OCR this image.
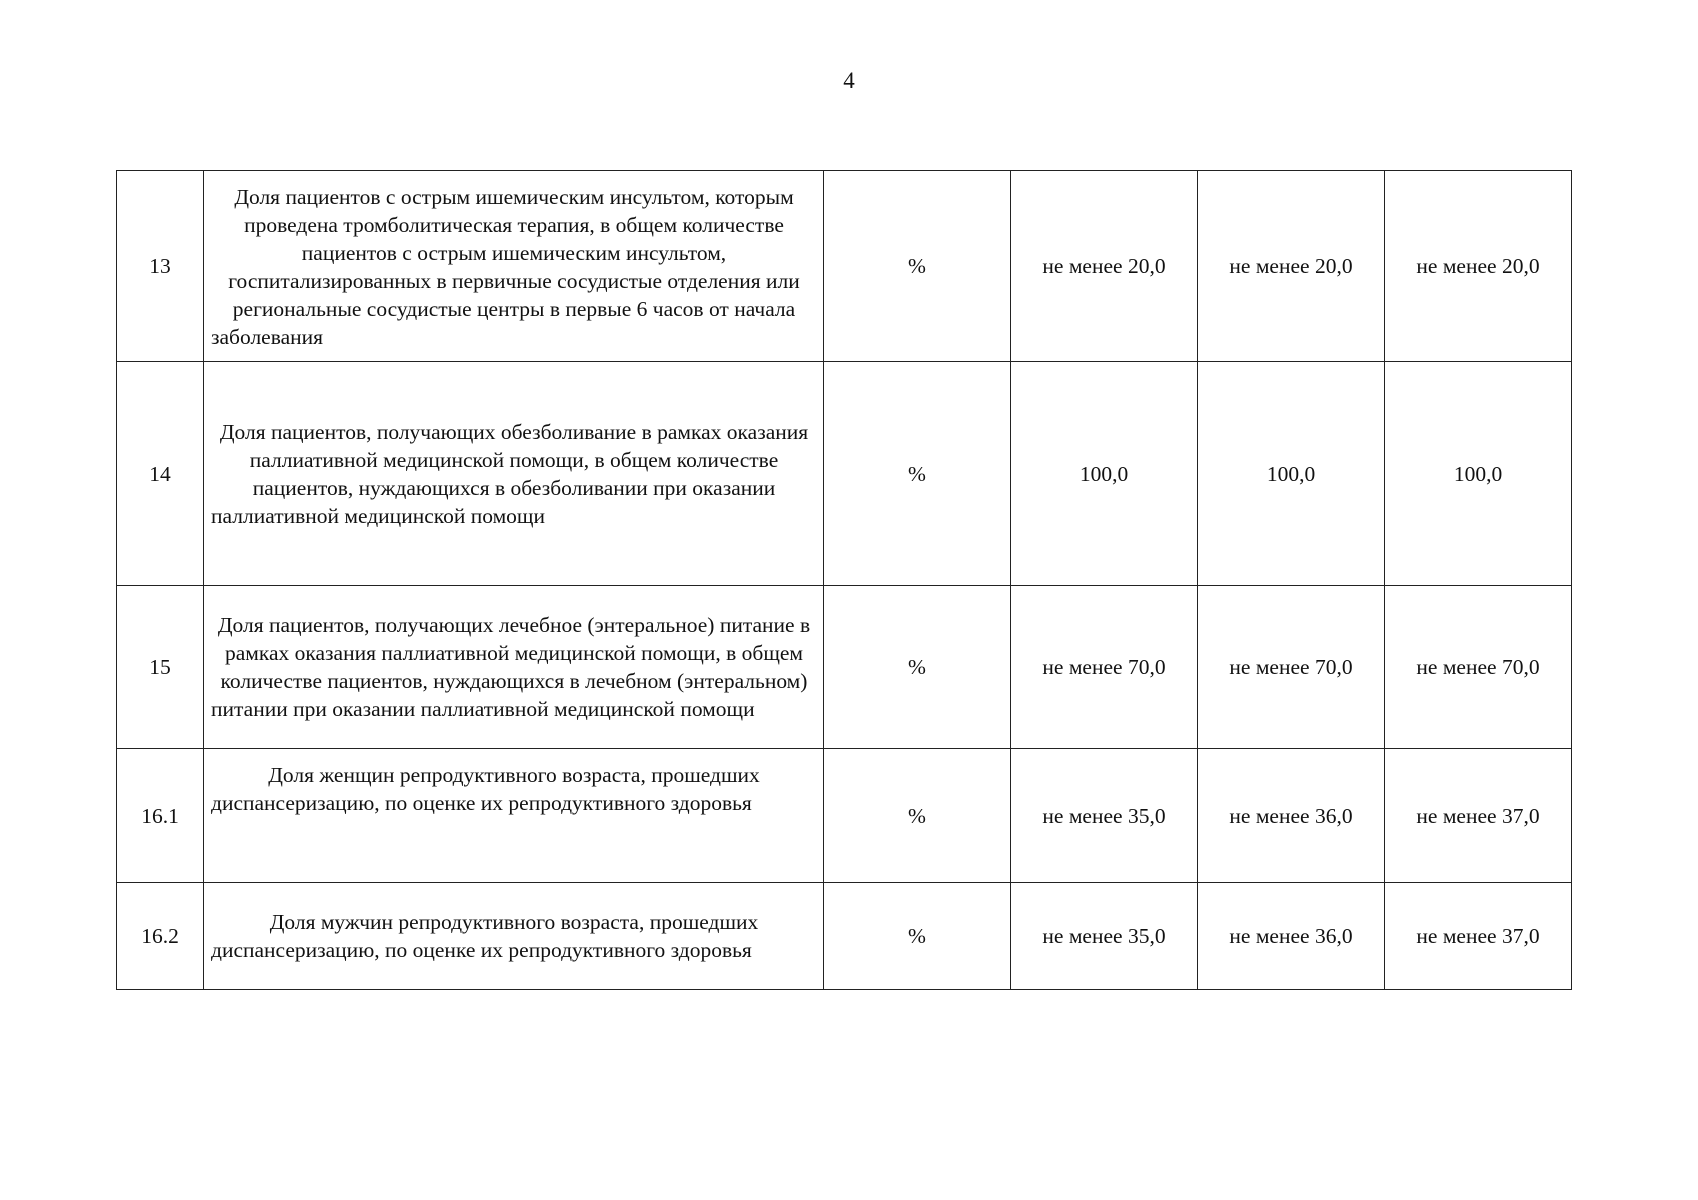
4
13	Доля пациентов с острым ишемическим инсультом, которым проведена тромболитическая терапия, в общем количестве пациентов с острым ишемическим инсультом, госпитализированных в первичные сосудистые отделения или региональные сосудистые центры в первые 6 часов от начала заболевания	%	не менее 20,0	не менее 20,0	не менее 20,0
14	Доля пациентов, получающих обезболивание в рамках оказания паллиативной медицинской помощи, в общем количестве пациентов, нуждающихся в обезболивании при оказании паллиативной медицинской помощи	%	100,0	100,0	100,0
15	Доля пациентов, получающих лечебное (энтеральное) питание в рамках оказания паллиативной медицинской помощи, в общем количестве пациентов, нуждающихся в лечебном (энтеральном) питании при оказании паллиативной медицинской помощи	%	не менее 70,0	не менее 70,0	не менее 70,0
16.1	Доля женщин репродуктивного возраста, прошедших диспансеризацию, по оценке их репродуктивного здоровья	%	не менее 35,0	не менее 36,0	не менее 37,0
16.2	Доля мужчин репродуктивного возраста, прошедших диспансеризацию, по оценке их репродуктивного здоровья	%	не менее 35,0	не менее 36,0	не менее 37,0
